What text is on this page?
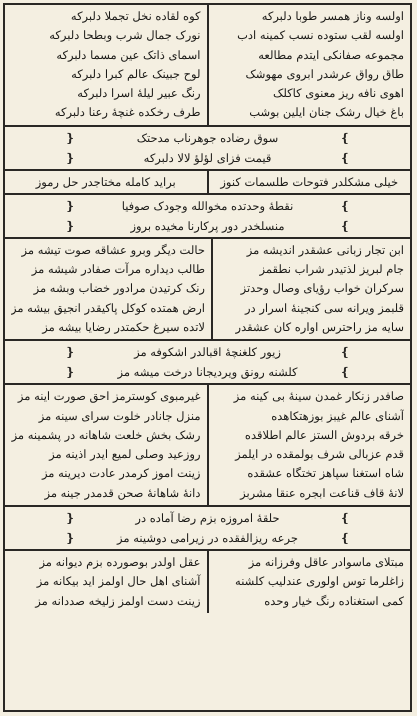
اولسه وناز همسر طوبا دلبرکه
اولسه لقب ستوده نسب کمینه ادب
مجموعه صفانکی ایتدم مطالعه
طاق رواق عرشدر ابروی مهوشک
اهوی نافه ریز معنوی کاکلک
باغ خیال رشک جنان ایلین بوشب
کوه لقاده نخل تجملا دلبرکه
نورک جمال شرب وبطحا دلبرکه
اسمای ذاتک عین مسما دلبرکه
لوح جبینک عالم کبرا دلبرکه
رنگ عبیر لیلهٔ اسرا دلبرکه
طرف رخکده غنچهٔ رعنا دلبرکه
❵
سوق رضاده جوهرناب مدحتک
❴
❵
قیمت فزای لؤلؤ لالا دلبرکه
❴
خیلی مشکلدر فتوحات طلسمات کنوز
براید کامله مختاجدر حل رموز
❵
نقطهٔ وحدتده مخوالله وجودک صوفیا
❴
❵
منسلخدر دور پرکارنا مخیده بروز
❴
ابن تجار زبانی عشقدر اندیشه مز
جام لبریز لذتیدر شراب نطقمز
سرکران خواب رؤیای وصال وحدتز
قلبمز ویرانه سی کنجینهٔ اسرار در
سایه مز راحترس اواره کان عشقدر
حالت دیگر وبرو عشاقه صوت تیشه مز
طالب دیداره مرآت صفادر شیشه مز
رنک کرتیدن مرادور خضاب وبشه مز
ارض همتده کوکل پاکیقدر انجیق بیشه مز
لاتده سیرغ حکمتدر رضایا بیشه مز
❵
زیور کلغنچهٔ اقبالدر اشکوفه مز
❴
❵
کلشنه رونق ویردیجانا درخت میشه مز
❴
صافدر زنکار غمدن سینهٔ بی کینه مز
آشنای عالم غیبز بوزهتکاهده
خرقه بردوش الستز عالم اطلاقده
قدم عزبالی شرف بولمقده در ایلمز
شاه استغنا سپاهز تختگاه عشقده
لانهٔ قاف قناعت ابجره عنقا مشربز
غیرمبوی کوسترمز احق صورت اینه مز
منزل جانادر خلوت سرای سینه مز
رشک بخش خلعت شاهانه در پشمینه مز
روزعید وصلی لمیع ایدر اذینه مز
زینت اموز کرمدر عادت دیرینه مز
دانهٔ شاهانهٔ صحن قدمدر جینه مز
❵
حلقهٔ امروزه بزم رضا آماده در
❴
❵
جرعه ریزالفقده در زیرامی دوشینه مز
❴
مبتلای ماسوادر عاقل وفرزانه مز
زاغلرما توس اولوری عندلیب کلشنه
کمی استغناده رنگ خیار وحده
عقل اولدر بوصورده بزم دیوانه مز
آشنای اهل حال اولمز اید بیکانه مز
زینت دست اولمز زلیخه صددانه مز
